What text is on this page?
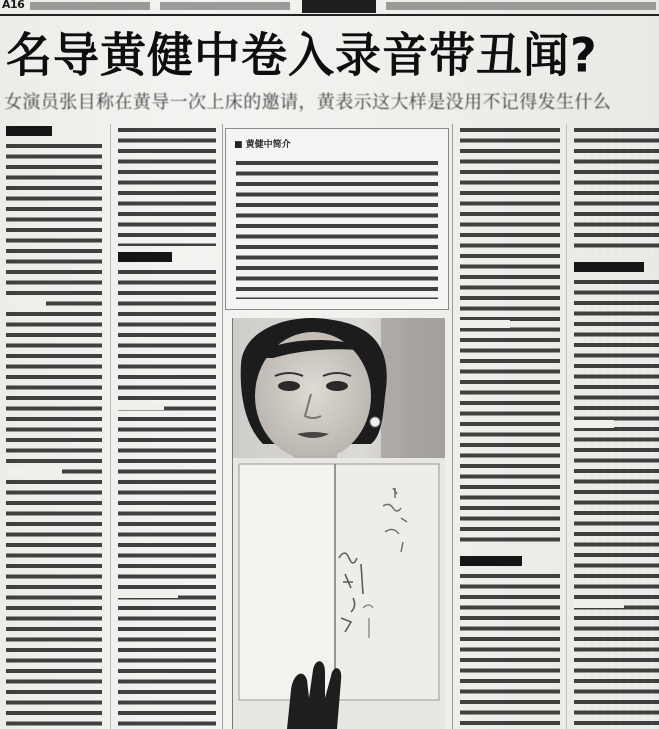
A16
名导黄健中卷入录音带丑闻?
女演员张目称在黄导一次上床的邀请，黄表示这大样是没用不记得发生什么
■ 黄健中简介
